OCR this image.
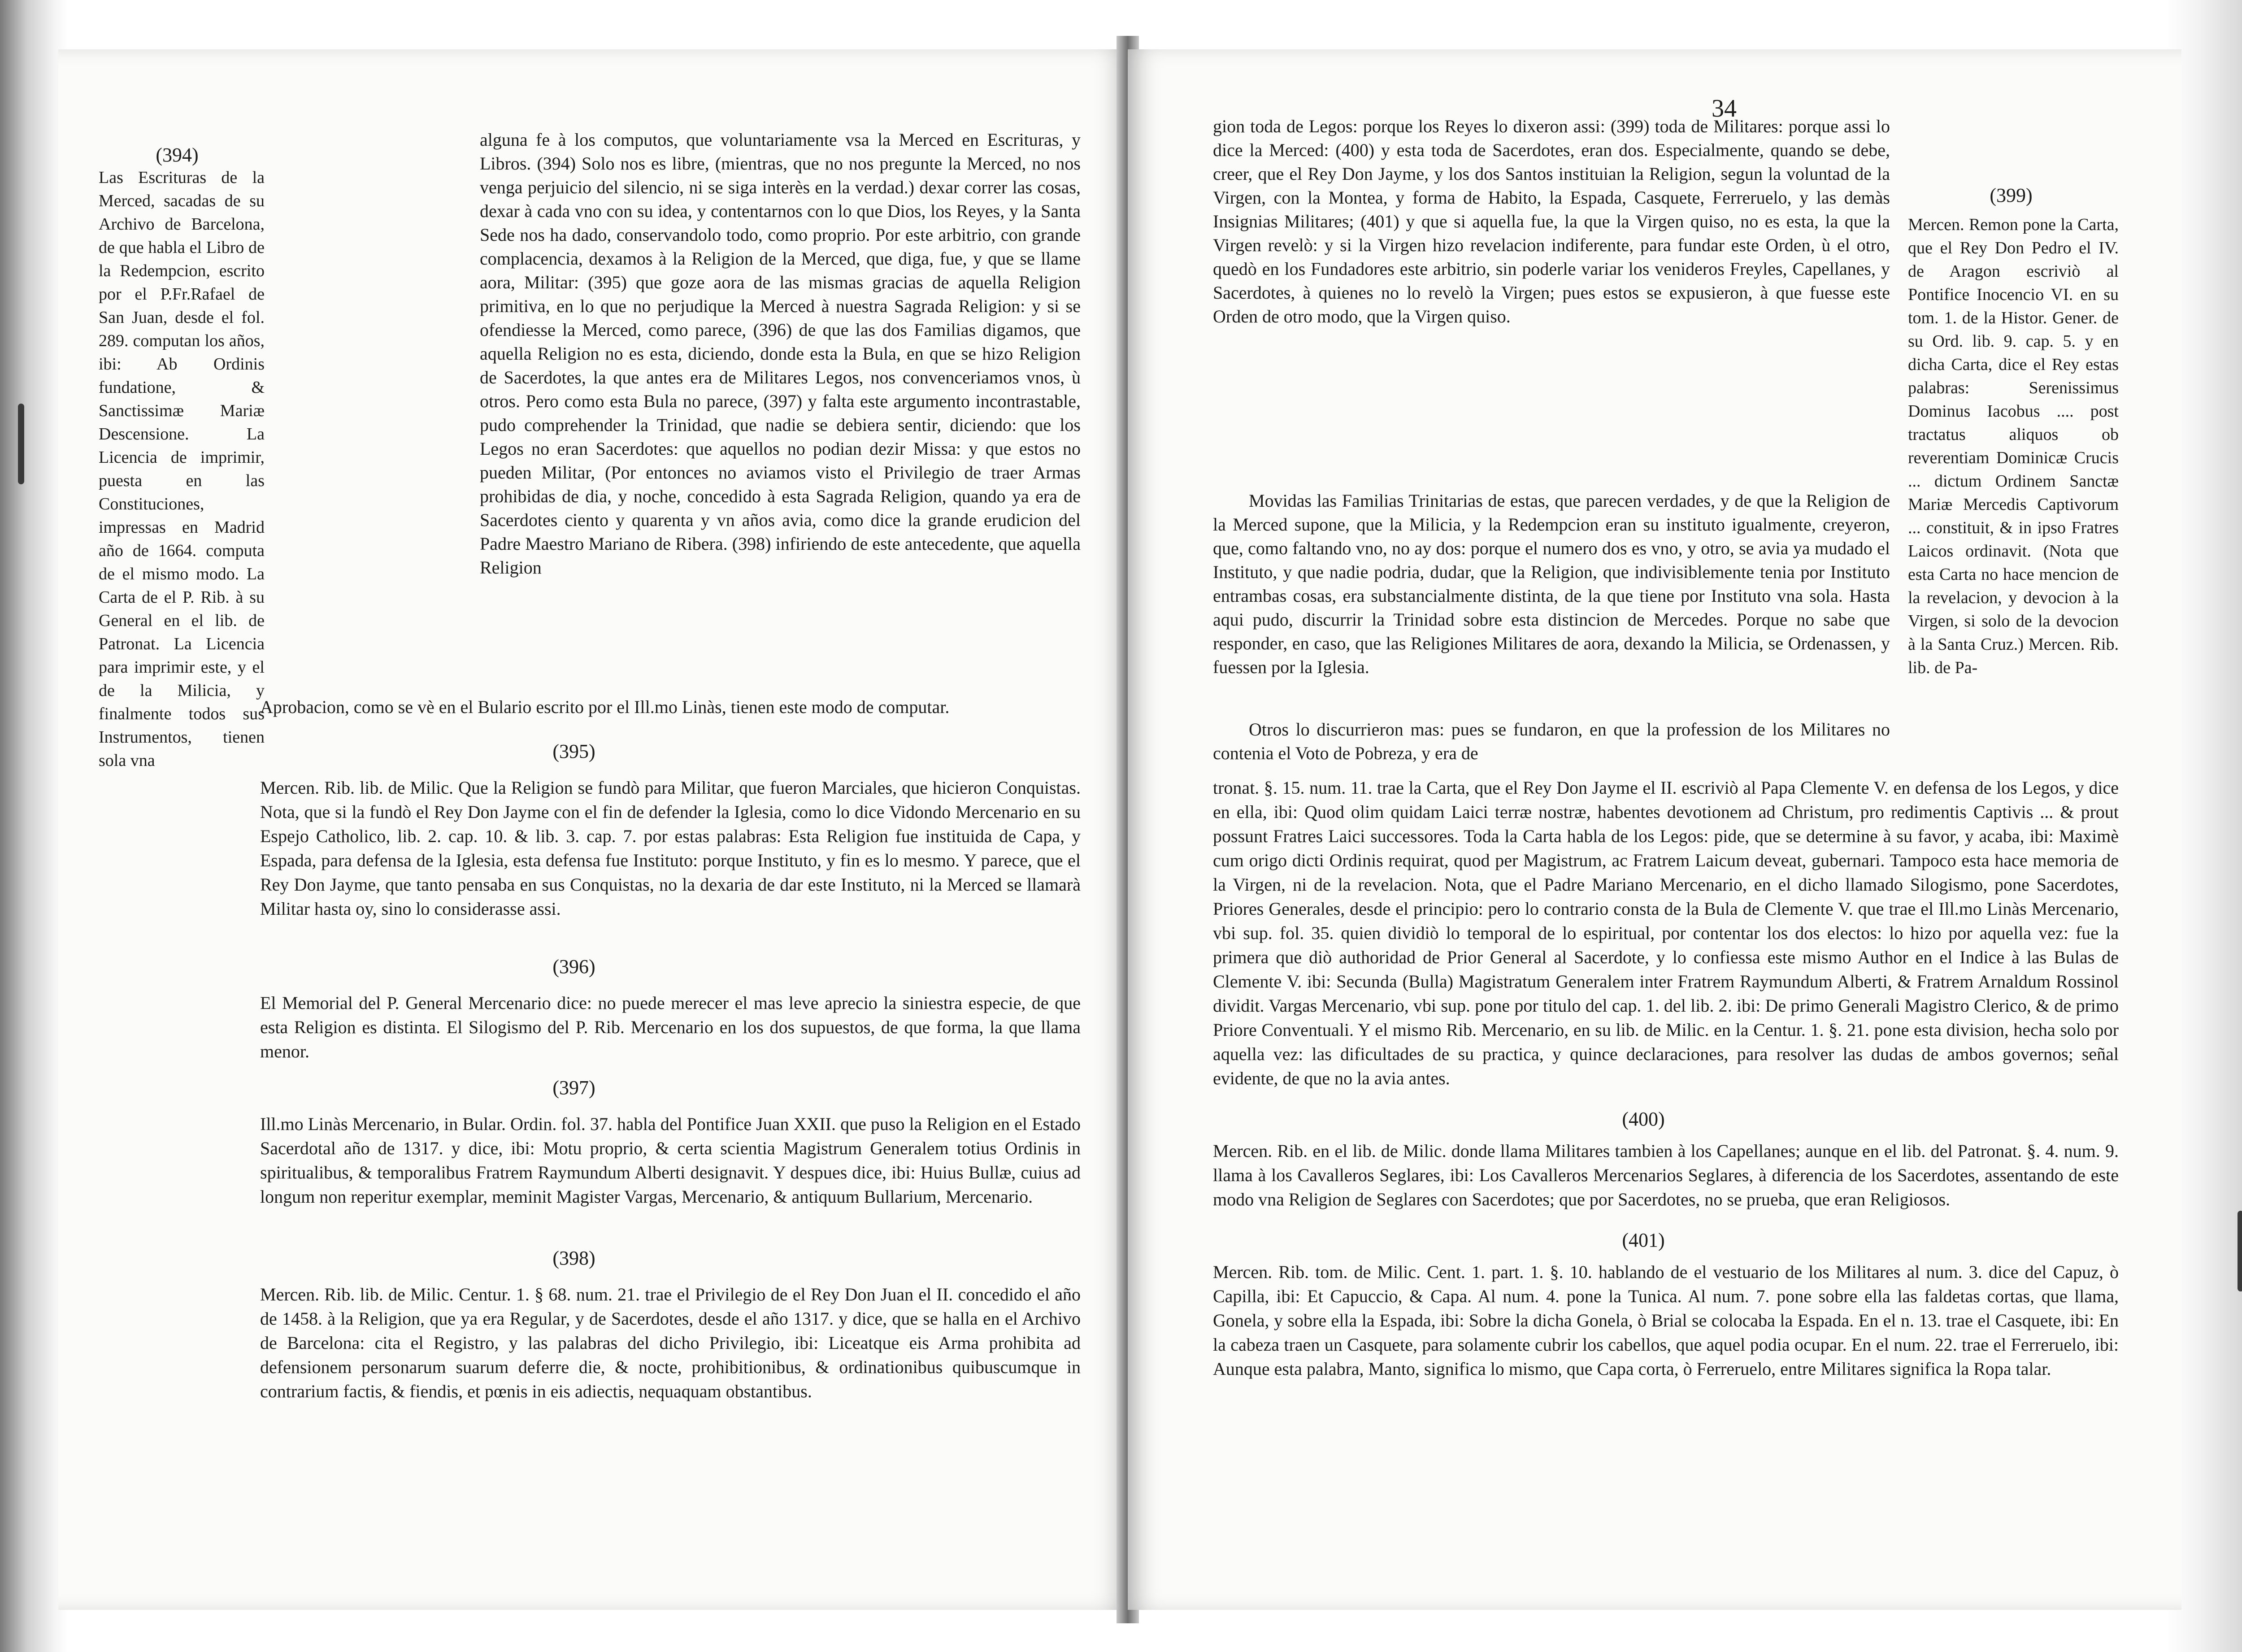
(394)

Las Escrituras de la Merced, sacadas de su Archivo de Barcelona, de que habla el Libro de la Redempcion, escrito por el P.Fr.Rafael de San Juan, desde el fol. 289. computan los años, ibi: Ab Ordinis fundatione, & Sanctissimæ Mariæ Descensione. La Licencia de imprimir, puesta en las Constituciones, impressas en Madrid año de 1664. computa de el mismo modo. La Carta de el P. Rib. à su General en el lib. de Patronat. La Licencia para imprimir este, y el de la Milicia, y finalmente todos sus Instrumentos, tienen sola vna

alguna fe à los computos, que voluntariamente vsa la Merced en Escrituras, y Libros. (394) Solo nos es libre, (mientras, que no nos pregunte la Merced, no nos venga perjuicio del silencio, ni se siga interès en la verdad.) dexar correr las cosas, dexar à cada vno con su idea, y contentarnos con lo que Dios, los Reyes, y la Santa Sede nos ha dado, conservandolo todo, como proprio. Por este arbitrio, con grande complacencia, dexamos à la Religion de la Merced, que diga, fue, y que se llame aora, Militar: (395) que goze aora de las mismas gracias de aquella Religion primitiva, en lo que no perjudique la Merced à nuestra Sagrada Religion: y si se ofendiesse la Merced, como parece, (396) de que las dos Familias digamos, que aquella Religion no es esta, diciendo, donde esta la Bula, en que se hizo Religion de Sacerdotes, la que antes era de Militares Legos, nos convenceriamos vnos, ù otros. Pero como esta Bula no parece, (397) y falta este argumento incontrastable, pudo comprehender la Trinidad, que nadie se debiera sentir, diciendo: que los Legos no eran Sacerdotes: que aquellos no podian dezir Missa: y que estos no pueden Militar, (Por entonces no aviamos visto el Privilegio de traer Armas prohibidas de dia, y noche, concedido à esta Sagrada Religion, quando ya era de Sacerdotes ciento y quarenta y vn años avia, como dice la grande erudicion del Padre Maestro Mariano de Ribera. (398) infiriendo de este antecedente, que aquella Religion

Aprobacion, como se vè en el Bulario escrito por el Ill.mo Linàs, tienen este modo de computar.

(395)

Mercen. Rib. lib. de Milic. Que la Religion se fundò para Militar, que fueron Marciales, que hicieron Conquistas. Nota, que si la fundò el Rey Don Jayme con el fin de defender la Iglesia, como lo dice Vidondo Mercenario en su Espejo Catholico, lib. 2. cap. 10. & lib. 3. cap. 7. por estas palabras: Esta Religion fue instituida de Capa, y Espada, para defensa de la Iglesia, esta defensa fue Instituto: porque Instituto, y fin es lo mesmo. Y parece, que el Rey Don Jayme, que tanto pensaba en sus Conquistas, no la dexaria de dar este Instituto, ni la Merced se llamarà Militar hasta oy, sino lo considerasse assi.

(396)

El Memorial del P. General Mercenario dice: no puede merecer el mas leve aprecio la siniestra especie, de que esta Religion es distinta. El Silogismo del P. Rib. Mercenario en los dos supuestos, de que forma, la que llama menor.

(397)

Ill.mo Linàs Mercenario, in Bular. Ordin. fol. 37. habla del Pontifice Juan XXII. que puso la Religion en el Estado Sacerdotal año de 1317. y dice, ibi: Motu proprio, & certa scientia Magistrum Generalem totius Ordinis in spiritualibus, & temporalibus Fratrem Raymundum Alberti designavit. Y despues dice, ibi: Huius Bullæ, cuius ad longum non reperitur exemplar, meminit Magister Vargas, Mercenario, & antiquum Bullarium, Mercenario.

(398)

Mercen. Rib. lib. de Milic. Centur. 1. § 68. num. 21. trae el Privilegio de el Rey Don Juan el II. concedido el año de 1458. à la Religion, que ya era Regular, y de Sacerdotes, desde el año 1317. y dice, que se halla en el Archivo de Barcelona: cita el Registro, y las palabras del dicho Privilegio, ibi: Liceatque eis Arma prohibita ad defensionem personarum suarum deferre die, & nocte, prohibitionibus, & ordinationibus quibuscumque in contrarium factis, & fiendis, et pœnis in eis adiectis, nequaquam obstantibus.

34

gion toda de Legos: porque los Reyes lo dixeron assi: (399) toda de Militares: porque assi lo dice la Merced: (400) y esta toda de Sacerdotes, eran dos. Especialmente, quando se debe, creer, que el Rey Don Jayme, y los dos Santos instituian la Religion, segun la voluntad de la Virgen, con la Montea, y forma de Habito, la Espada, Casquete, Ferreruelo, y las demàs Insignias Militares; (401) y que si aquella fue, la que la Virgen quiso, no es esta, la que la Virgen revelò: y si la Virgen hizo revelacion indiferente, para fundar este Orden, ù el otro, quedò en los Fundadores este arbitrio, sin poderle variar los venideros Freyles, Capellanes, y Sacerdotes, à quienes no lo revelò la Virgen; pues estos se expusieron, à que fuesse este Orden de otro modo, que la Virgen quiso.

Movidas las Familias Trinitarias de estas, que parecen verdades, y de que la Religion de la Merced supone, que la Milicia, y la Redempcion eran su instituto igualmente, creyeron, que, como faltando vno, no ay dos: porque el numero dos es vno, y otro, se avia ya mudado el Instituto, y que nadie podria, dudar, que la Religion, que indivisiblemente tenia por Instituto entrambas cosas, era substancialmente distinta, de la que tiene por Instituto vna sola. Hasta aqui pudo, discurrir la Trinidad sobre esta distincion de Mercedes. Porque no sabe que responder, en caso, que las Religiones Militares de aora, dexando la Milicia, se Ordenassen, y fuessen por la Iglesia.

Otros lo discurrieron mas: pues se fundaron, en que la profession de los Militares no contenia el Voto de Pobreza, y era de

(399)

Mercen. Remon pone la Carta, que el Rey Don Pedro el IV. de Aragon escriviò al Pontifice Inocencio VI. en su tom. 1. de la Histor. Gener. de su Ord. lib. 9. cap. 5. y en dicha Carta, dice el Rey estas palabras: Serenissimus Dominus Iacobus .... post tractatus aliquos ob reverentiam Dominicæ Crucis ... dictum Ordinem Sanctæ Mariæ Mercedis Captivorum ... constituit, & in ipso Fratres Laicos ordinavit. (Nota que esta Carta no hace mencion de la revelacion, y devocion à la Virgen, si solo de la devocion à la Santa Cruz.) Mercen. Rib. lib. de Pa-

tronat. §. 15. num. 11. trae la Carta, que el Rey Don Jayme el II. escriviò al Papa Clemente V. en defensa de los Legos, y dice en ella, ibi: Quod olim quidam Laici terræ nostræ, habentes devotionem ad Christum, pro redimentis Captivis ... & prout possunt Fratres Laici successores. Toda la Carta habla de los Legos: pide, que se determine à su favor, y acaba, ibi: Maximè cum origo dicti Ordinis requirat, quod per Magistrum, ac Fratrem Laicum deveat, gubernari. Tampoco esta hace memoria de la Virgen, ni de la revelacion. Nota, que el Padre Mariano Mercenario, en el dicho llamado Silogismo, pone Sacerdotes, Priores Generales, desde el principio: pero lo contrario consta de la Bula de Clemente V. que trae el Ill.mo Linàs Mercenario, vbi sup. fol. 35. quien dividiò lo temporal de lo espiritual, por contentar los dos electos: lo hizo por aquella vez: fue la primera que diò authoridad de Prior General al Sacerdote, y lo confiessa este mismo Author en el Indice à las Bulas de Clemente V. ibi: Secunda (Bulla) Magistratum Generalem inter Fratrem Raymundum Alberti, & Fratrem Arnaldum Rossinol dividit. Vargas Mercenario, vbi sup. pone por titulo del cap. 1. del lib. 2. ibi: De primo Generali Magistro Clerico, & de primo Priore Conventuali. Y el mismo Rib. Mercenario, en su lib. de Milic. en la Centur. 1. §. 21. pone esta division, hecha solo por aquella vez: las dificultades de su practica, y quince declaraciones, para resolver las dudas de ambos governos; señal evidente, de que no la avia antes.

(400)

Mercen. Rib. en el lib. de Milic. donde llama Militares tambien à los Capellanes; aunque en el lib. del Patronat. §. 4. num. 9. llama à los Cavalleros Seglares, ibi: Los Cavalleros Mercenarios Seglares, à diferencia de los Sacerdotes, assentando de este modo vna Religion de Seglares con Sacerdotes; que por Sacerdotes, no se prueba, que eran Religiosos.

(401)

Mercen. Rib. tom. de Milic. Cent. 1. part. 1. §. 10. hablando de el vestuario de los Militares al num. 3. dice del Capuz, ò Capilla, ibi: Et Capuccio, & Capa. Al num. 4. pone la Tunica. Al num. 7. pone sobre ella las faldetas cortas, que llama, Gonela, y sobre ella la Espada, ibi: Sobre la dicha Gonela, ò Brial se colocaba la Espada. En el n. 13. trae el Casquete, ibi: En la cabeza traen un Casquete, para solamente cubrir los cabellos, que aquel podia ocupar. En el num. 22. trae el Ferreruelo, ibi: Aunque esta palabra, Manto, significa lo mismo, que Capa corta, ò Ferreruelo, entre Militares significa la Ropa talar.
